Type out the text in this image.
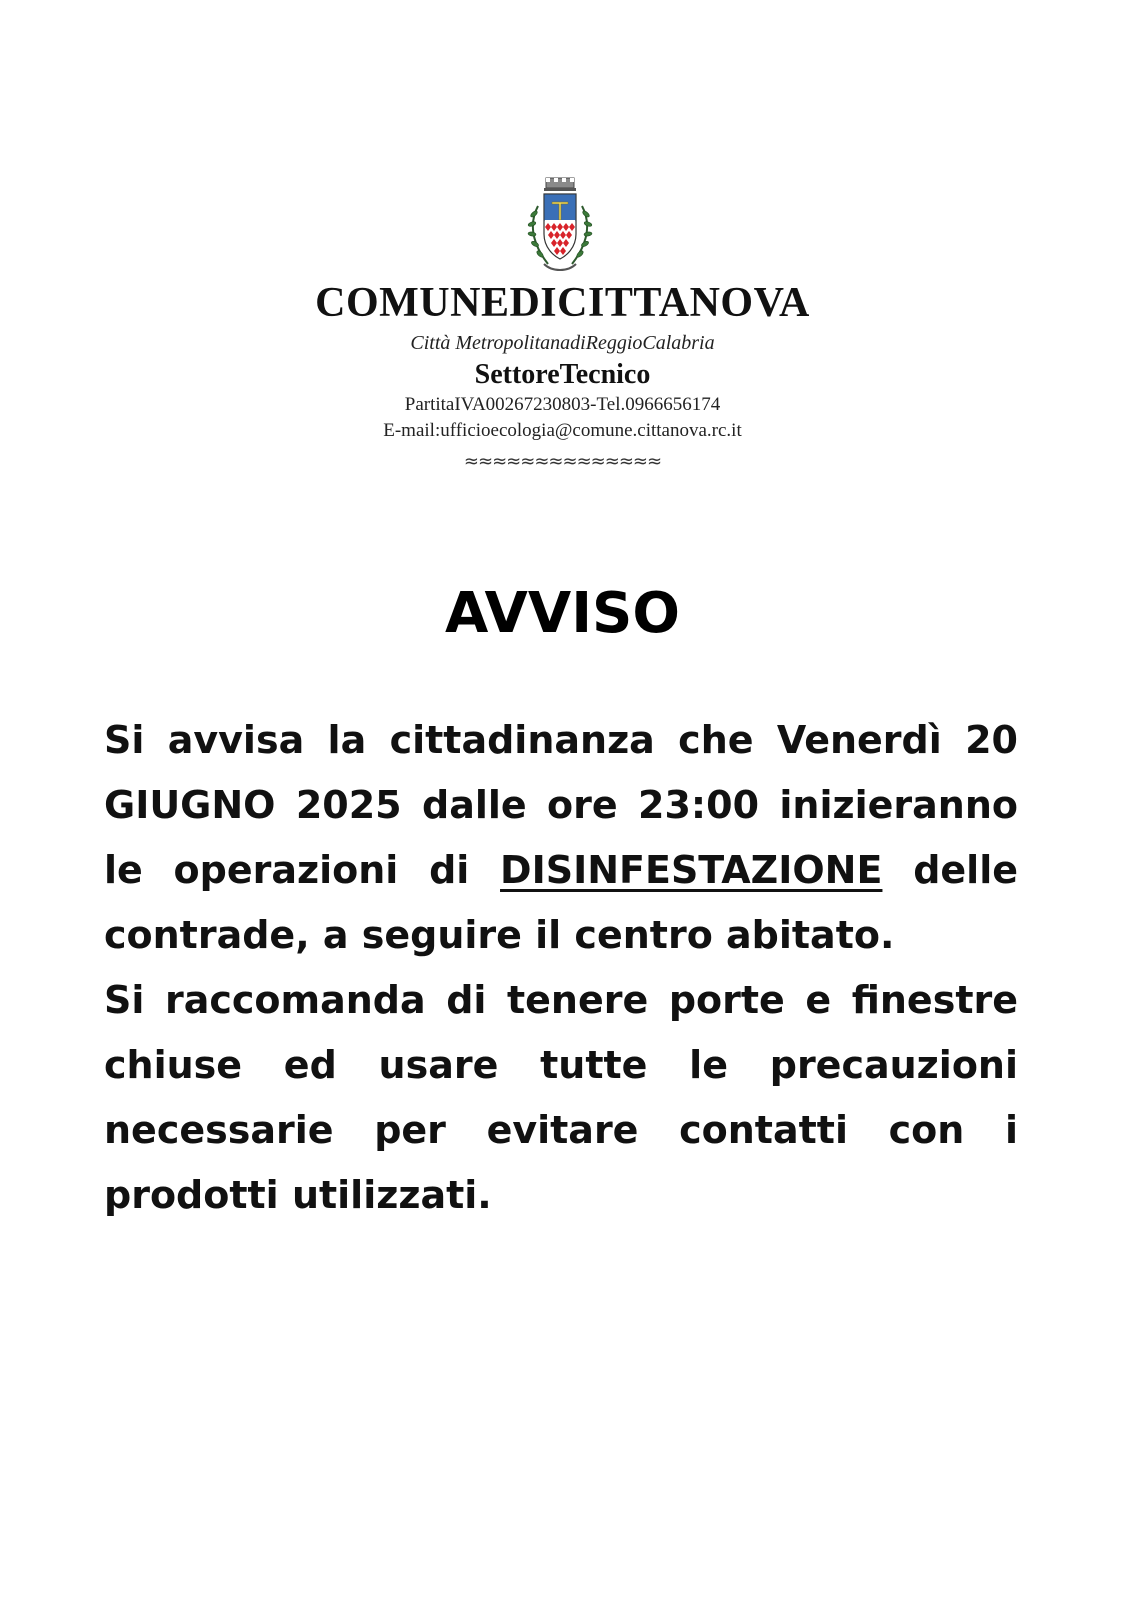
COMUNEDICITTANOVA
Città MetropolitanadiReggioCalabria
SettoreTecnico
PartitaIVA00267230803-Tel.0966656174
E-mail:ufficioecologia@comune.cittanova.rc.it
≈≈≈≈≈≈≈≈≈≈≈≈≈≈
AVVISO

Si avvisa la cittadinanza che Venerdì 20 GIUGNO 2025 dalle ore 23:00 inizieranno le operazioni di DISINFESTAZIONE delle contrade, a seguire il centro abitato.

Si raccomanda di tenere porte e finestre chiuse ed usare tutte le precauzioni necessarie per evitare contatti con i prodotti utilizzati.
